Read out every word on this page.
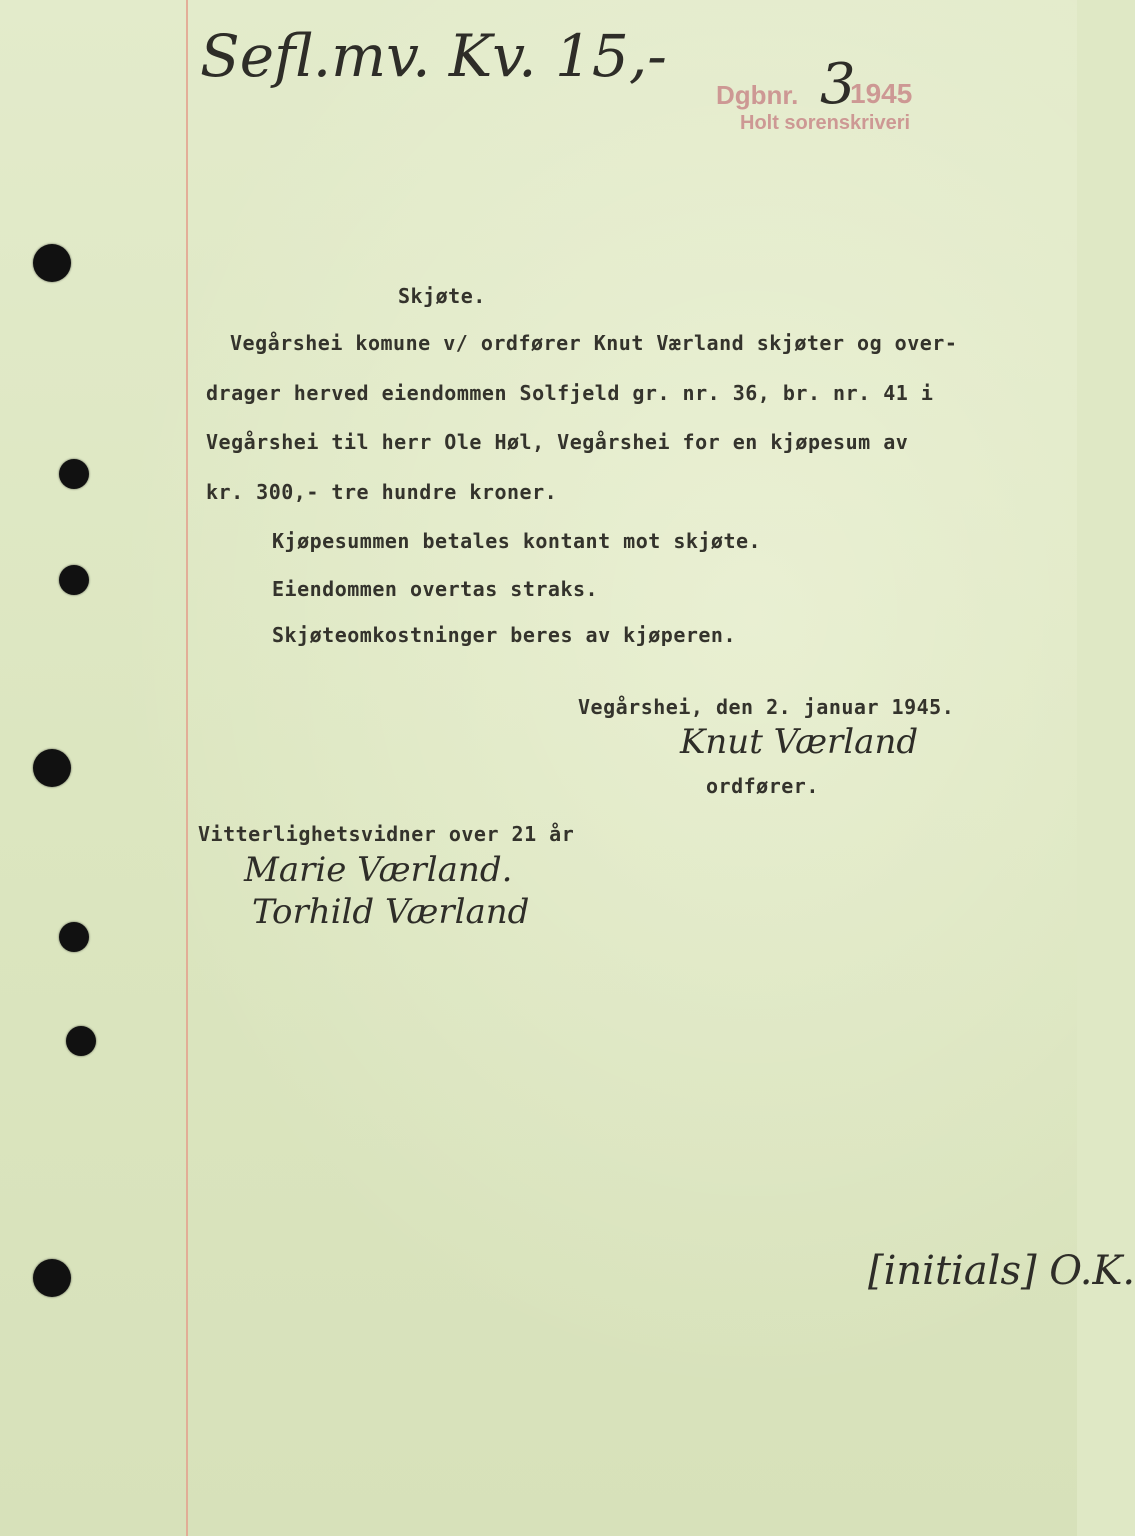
Sefl.mv. Kv. 15,-
Dgbnr.
Holt sorenskriveri
3
1945
Skjøte.
Vegårshei komune v/ ordfører Knut Værland skjøter og over-
drager herved eiendommen Solfjeld gr. nr. 36, br. nr. 41 i
Vegårshei til herr Ole Høl, Vegårshei for en kjøpesum av
kr. 300,- tre hundre kroner.
Kjøpesummen betales kontant mot skjøte.
Eiendommen overtas straks.
Skjøteomkostninger beres av kjøperen.
Vegårshei, den 2. januar 1945.
Knut Værland
ordfører.
Vitterlighetsvidner over 21 år
Marie Værland.
Torhild Værland
[initials] O.K.
